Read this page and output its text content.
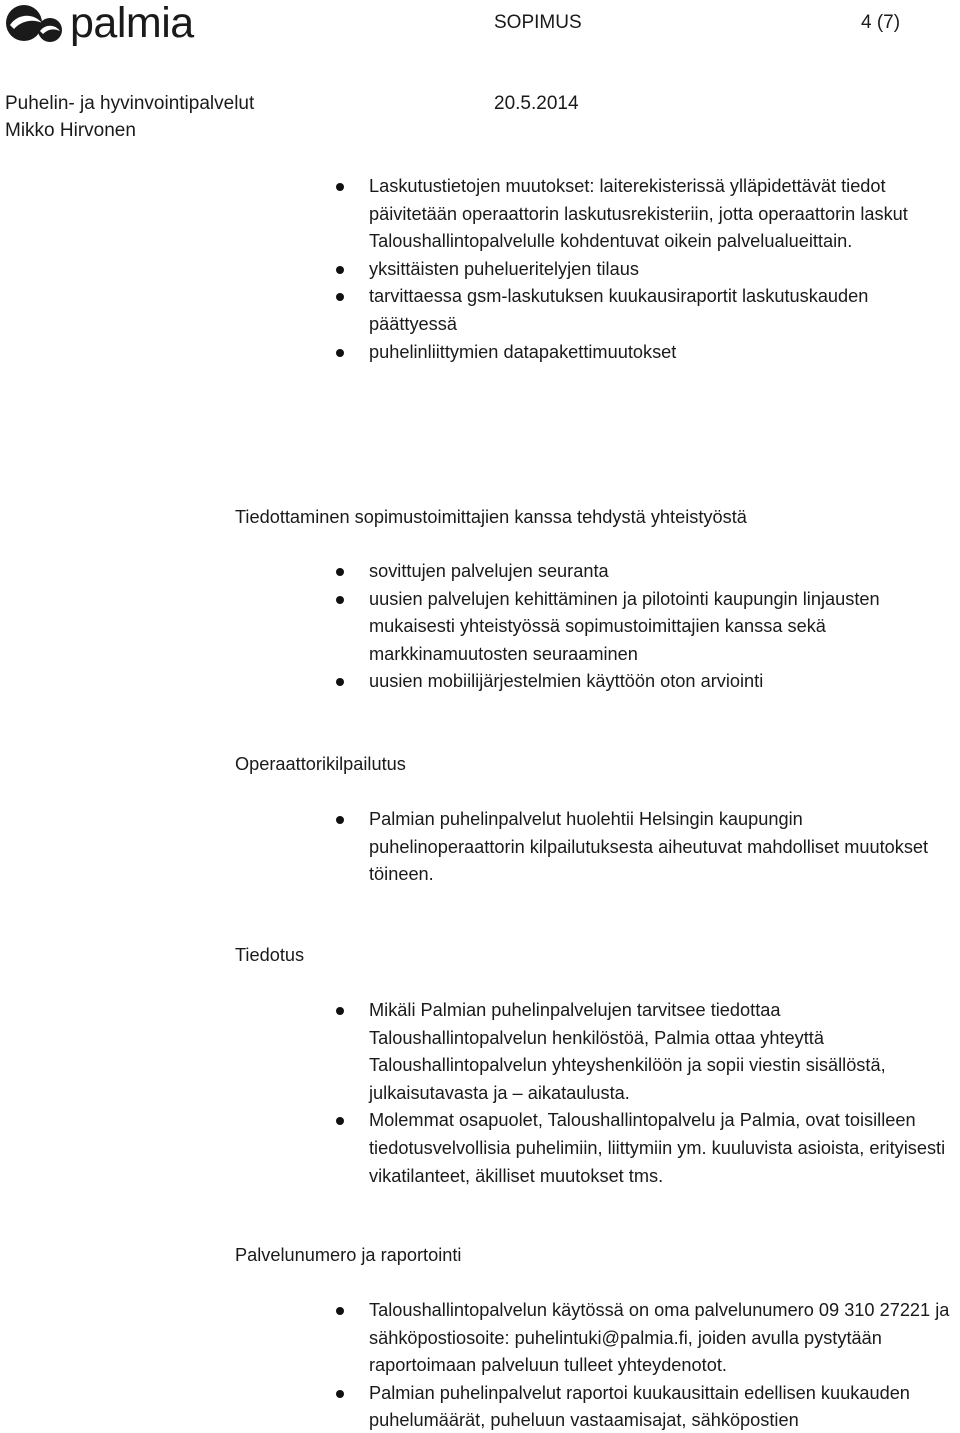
palmia	SOPIMUS	4 (7)
Puhelin- ja hyvinvointipalvelut	20.5.2014
Mikko Hirvonen
Laskutustietojen muutokset: laiterekisterissä ylläpidettävät tiedot päivitetään operaattorin laskutusrekisteriin, jotta operaattorin laskut Taloushallintopalvelulle kohdentuvat oikein palvelualueittain.
yksittäisten puhelueritelyjen tilaus
tarvittaessa gsm-laskutuksen kuukausiraportit laskutuskauden päättyessä
puhelinliittymien datapakettimuutokset
Tiedottaminen sopimustoimittajien kanssa tehdystä yhteistyöstä
sovittujen palvelujen seuranta
uusien palvelujen kehittäminen ja pilotointi kaupungin linjausten mukaisesti yhteistyössä sopimustoimittajien kanssa sekä markkinamuutosten seuraaminen
uusien mobiilijärjestelmien käyttöön oton arviointi
Operaattorikilpailutus
Palmian puhelinpalvelut huolehtii Helsingin kaupungin puhelinoperaattorin kilpailutuksesta aiheutuvat mahdolliset muutokset töineen.
Tiedotus
Mikäli Palmian puhelinpalvelujen tarvitsee tiedottaa Taloushallintopalvelun henkilöstöä, Palmia ottaa yhteyttä Taloushallintopalvelun yhteyshenkilöön ja sopii viestin sisällöstä, julkaisutavasta ja – aikataulusta.
Molemmat osapuolet, Taloushallintopalvelu ja Palmia, ovat toisilleen tiedotusvelvollisia puhelimiin, liittymiin ym. kuuluvista asioista, erityisesti vikatilanteet, äkilliset muutokset tms.
Palvelunumero ja raportointi
Taloushallintopalvelun käytössä on oma palvelunumero 09 310 27221 ja sähköpostiosoite: puhelintuki@palmia.fi, joiden avulla pystytään raportoimaan palveluun tulleet yhteydenotot.
Palmian puhelinpalvelut raportoi kuukausittain edellisen kuukauden puhelumäärät, puheluun vastaamisajat, sähköpostien
